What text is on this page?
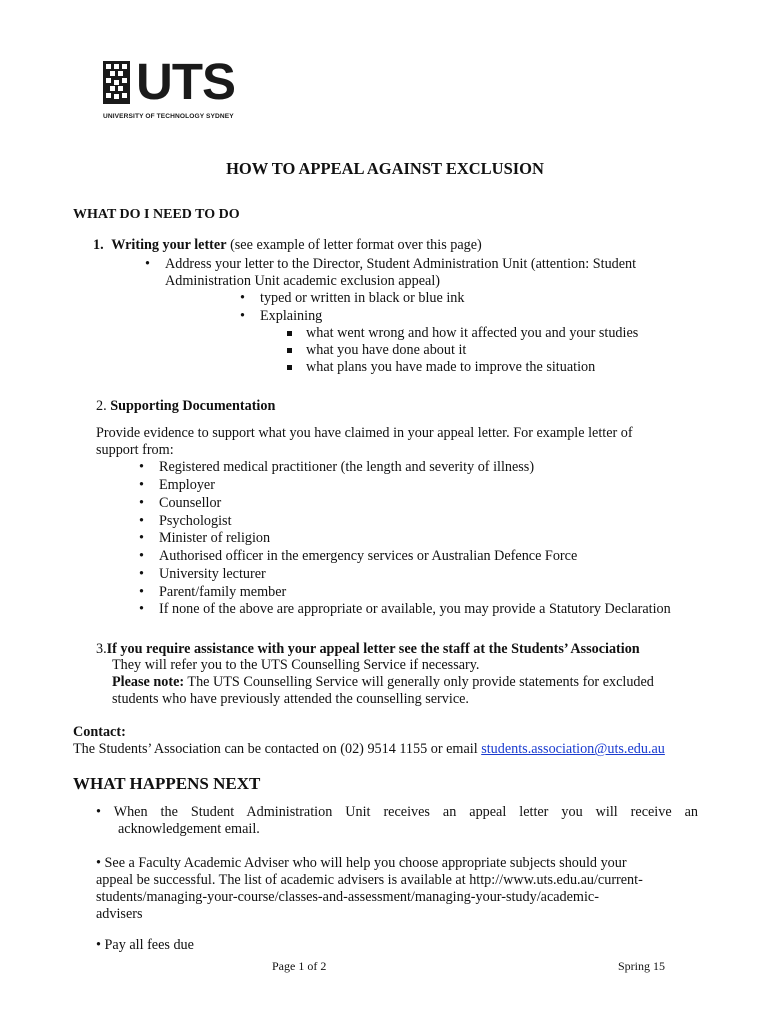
UTS
UNIVERSITY OF TECHNOLOGY SYDNEY
HOW TO APPEAL AGAINST EXCLUSION
WHAT DO I NEED TO DO
1. Writing your letter (see example of letter format over this page)
• Address your letter to the Director, Student Administration Unit (attention: Student
Administration Unit academic exclusion appeal)
• typed or written in black or blue ink
• Explaining
what went wrong and how it affected you and your studies
what you have done about it
what plans you have made to improve the situation
2. Supporting Documentation
Provide evidence to support what you have claimed in your appeal letter. For example letter of
support from:
• Registered medical practitioner (the length and severity of illness)
• Employer
• Counsellor
• Psychologist
• Minister of religion
• Authorised officer in the emergency services or Australian Defence Force
• University lecturer
• Parent/family member
• If none of the above are appropriate or available, you may provide a Statutory Declaration
3.If you require assistance with your appeal letter see the staff at the Students’ Association
They will refer you to the UTS Counselling Service if necessary.
Please note: The UTS Counselling Service will generally only provide statements for excluded
students who have previously attended the counselling service.
Contact:
The Students’ Association can be contacted on (02) 9514 1155 or email students.association@uts.edu.au
WHAT HAPPENS NEXT
• When the Student Administration Unit receives an appeal letter you will receive an
acknowledgement email.
• See a Faculty Academic Adviser who will help you choose appropriate subjects should your
appeal be successful. The list of academic advisers is available at http://www.uts.edu.au/current-
students/managing-your-course/classes-and-assessment/managing-your-study/academic-
advisers
• Pay all fees due
Page 1 of 2	Spring 15
